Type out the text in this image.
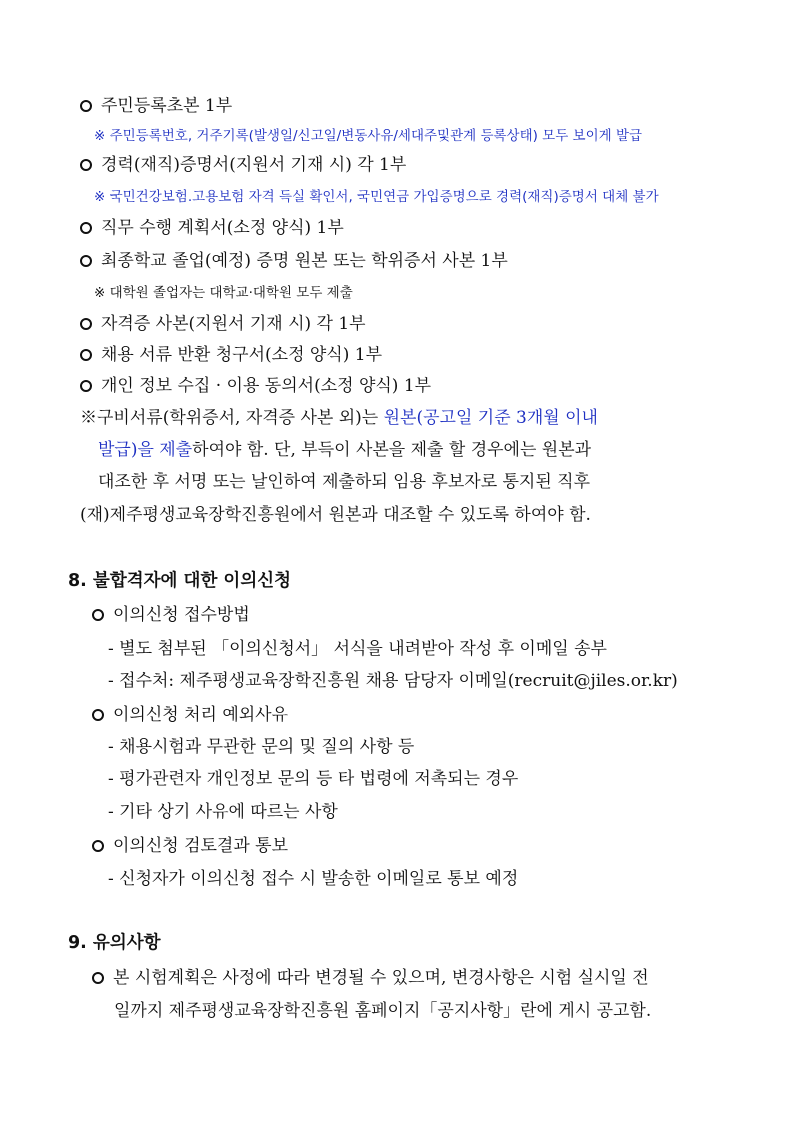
주민등록초본 1부
※ 주민등록번호, 거주기록(발생일/신고일/변동사유/세대주및관계 등록상태) 모두 보이게 발급
경력(재직)증명서(지원서 기재 시) 각 1부
※ 국민건강보험.고용보험 자격 득실 확인서, 국민연금 가입증명으로 경력(재직)증명서 대체 불가
직무 수행 계획서(소정 양식) 1부
최종학교 졸업(예정) 증명 원본 또는 학위증서 사본 1부
※ 대학원 졸업자는 대학교·대학원 모두 제출
자격증 사본(지원서 기재 시) 각 1부
채용 서류 반환 청구서(소정 양식) 1부
개인 정보 수집 · 이용 동의서(소정 양식) 1부
※구비서류(학위증서, 자격증 사본 외)는 원본(공고일 기준 3개월 이내
발급)을 제출하여야 함. 단, 부득이 사본을 제출 할 경우에는 원본과
대조한 후 서명 또는 날인하여 제출하되 임용 후보자로 통지된 직후
(재)제주평생교육장학진흥원에서 원본과 대조할 수 있도록 하여야 함.
8. 불합격자에 대한 이의신청
이의신청 접수방법
- 별도 첨부된 「이의신청서」 서식을 내려받아 작성 후 이메일 송부
- 접수처: 제주평생교육장학진흥원 채용 담당자 이메일(recruit@jiles.or.kr)
이의신청 처리 예외사유
- 채용시험과 무관한 문의 및 질의 사항 등
- 평가관련자 개인정보 문의 등 타 법령에 저촉되는 경우
- 기타 상기 사유에 따르는 사항
이의신청 검토결과 통보
- 신청자가 이의신청 접수 시 발송한 이메일로 통보 예정
9. 유의사항
본 시험계획은 사정에 따라 변경될 수 있으며, 변경사항은 시험 실시일 전
일까지 제주평생교육장학진흥원 홈페이지「공지사항」란에 게시 공고함.
